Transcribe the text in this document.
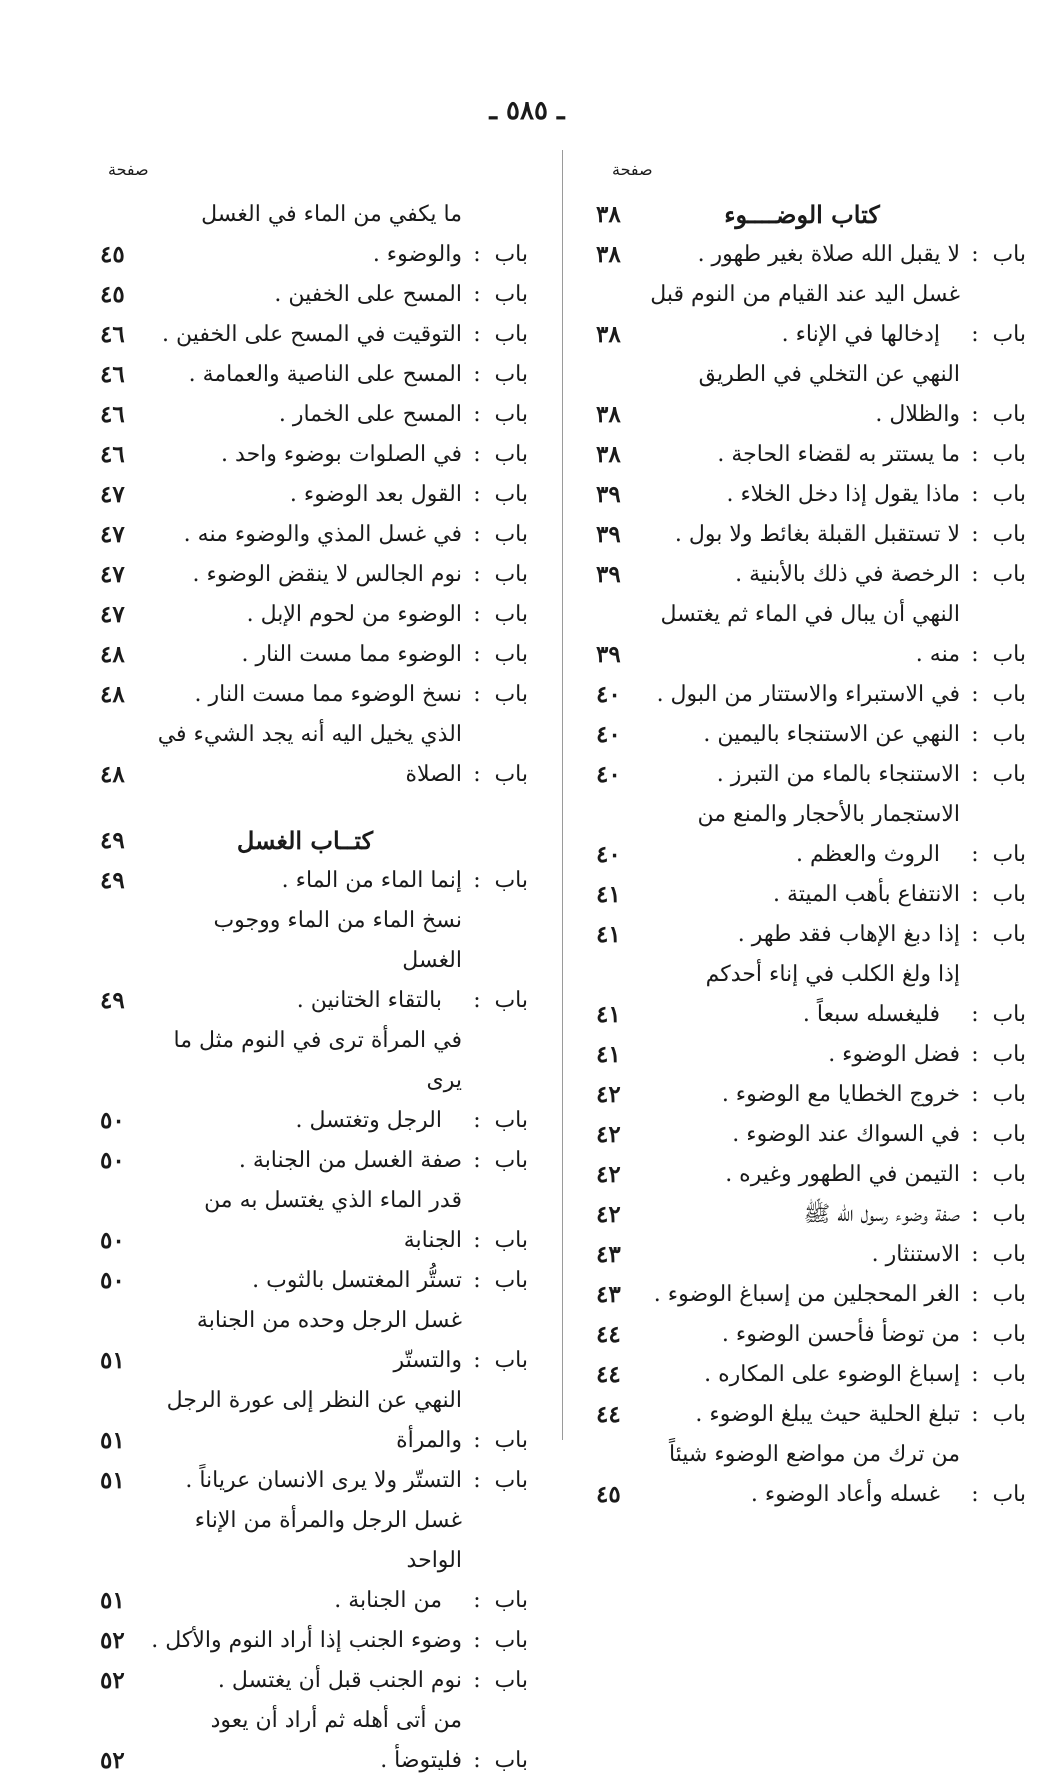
ـ ٥٨٥ ـ
صفحة
صفحة
كتاب الوضــــوء
٣٨
باب
:
لا يقبل الله صلاة بغير طهور .
٣٨
باب
:
غسل اليد عند القيام من النوم قبل
إدخالها في الإناء .
٣٨
باب
:
النهي عن التخلي في الطريق والظلال .
٣٨
باب
:
ما يستتر به لقضاء الحاجة .
٣٨
باب
:
ماذا يقول إذا دخل الخلاء .
٣٩
باب
:
لا تستقبل القبلة بغائط ولا بول .
٣٩
باب
:
الرخصة في ذلك بالأبنية .
٣٩
باب
:
النهي أن يبال في الماء ثم يغتسل منه .
٣٩
باب
:
في الاستبراء والاستتار من البول .
٤٠
باب
:
النهي عن الاستنجاء باليمين .
٤٠
باب
:
الاستنجاء بالماء من التبرز .
٤٠
باب
:
الاستجمار بالأحجار والمنع من
الروث والعظم .
٤٠
باب
:
الانتفاع بأهب الميتة .
٤١
باب
:
إذا دبغ الإهاب فقد طهر .
٤١
باب
:
إذا ولغ الكلب في إناء أحدكم
فليغسله سبعاً .
٤١
باب
:
فضل الوضوء .
٤١
باب
:
خروج الخطايا مع الوضوء .
٤٢
باب
:
في السواك عند الوضوء .
٤٢
باب
:
التيمن في الطهور وغيره .
٤٢
باب
:
صفة وضوء رسول الله ﷺ
٤٢
باب
:
الاستنثار .
٤٣
باب
:
الغر المحجلين من إسباغ الوضوء .
٤٣
باب
:
من توضأ فأحسن الوضوء .
٤٤
باب
:
إسباغ الوضوء على المكاره .
٤٤
باب
:
تبلغ الحلية حيث يبلغ الوضوء .
٤٤
باب
:
من ترك من مواضع الوضوء شيئاً
غسله وأعاد الوضوء .
٤٥
باب
:
ما يكفي من الماء في الغسل والوضوء .
٤٥
باب
:
المسح على الخفين .
٤٥
باب
:
التوقيت في المسح على الخفين .
٤٦
باب
:
المسح على الناصية والعمامة .
٤٦
باب
:
المسح على الخمار .
٤٦
باب
:
في الصلوات بوضوء واحد .
٤٦
باب
:
القول بعد الوضوء .
٤٧
باب
:
في غسل المذي والوضوء منه .
٤٧
باب
:
نوم الجالس لا ينقض الوضوء .
٤٧
باب
:
الوضوء من لحوم الإبل .
٤٧
باب
:
الوضوء مما مست النار .
٤٨
باب
:
نسخ الوضوء مما مست النار .
٤٨
باب
:
الذي يخيل اليه أنه يجد الشيء في الصلاة
٤٨
كتــاب الغسل
٤٩
باب
:
إنما الماء من الماء .
٤٩
باب
:
نسخ الماء من الماء ووجوب الغسل
بالتقاء الختانين .
٤٩
باب
:
في المرأة ترى في النوم مثل ما يرى
الرجل وتغتسل .
٥٠
باب
:
صفة الغسل من الجنابة .
٥٠
باب
:
قدر الماء الذي يغتسل به من الجنابة
٥٠
باب
:
تستُّر المغتسل بالثوب .
٥٠
باب
:
غسل الرجل وحده من الجنابة والتستّر
٥١
باب
:
النهي عن النظر إلى عورة الرجل والمرأة
٥١
باب
:
التستّر ولا يرى الانسان عرياناً .
٥١
باب
:
غسل الرجل والمرأة من الإناء الواحد
من الجنابة .
٥١
باب
:
وضوء الجنب إذا أراد النوم والأكل .
٥٢
باب
:
نوم الجنب قبل أن يغتسل .
٥٢
باب
:
من أتى أهله ثم أراد أن يعود فليتوضأ .
٥٢
